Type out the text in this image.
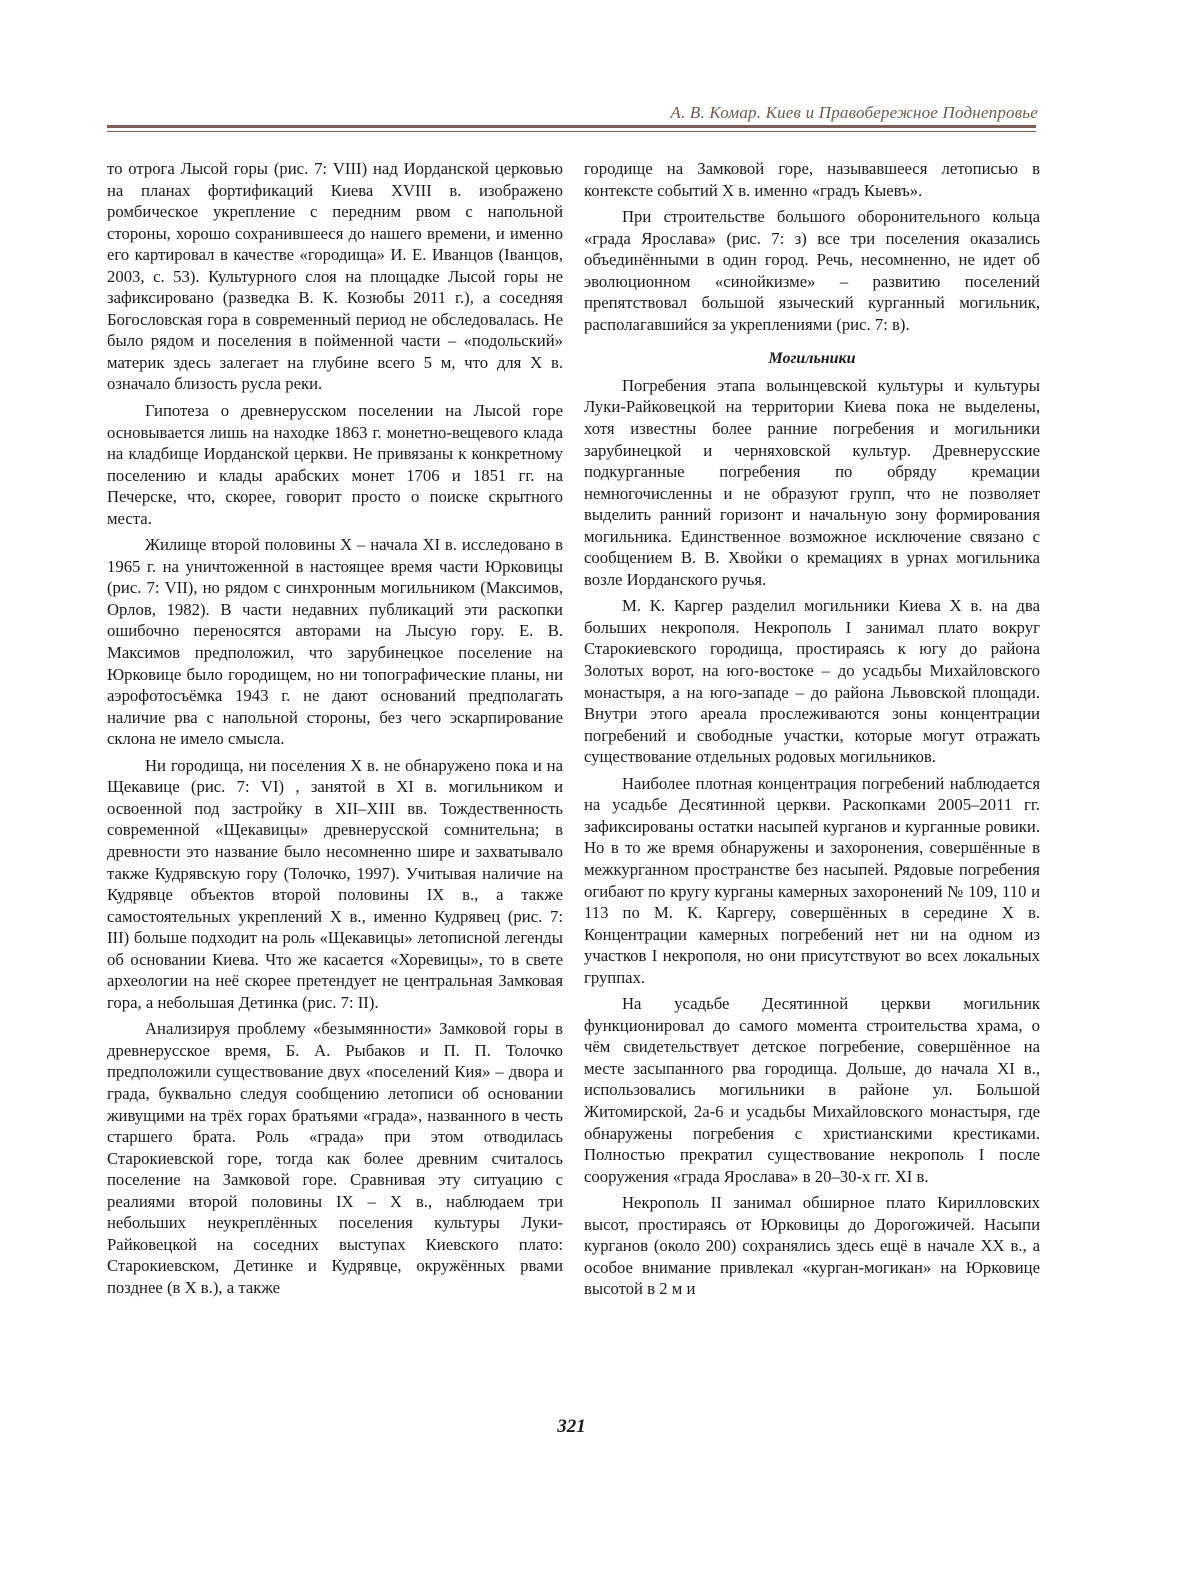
А. В. Комар. Киев и Правобережное Поднепровье

то отрога Лысой горы (рис. 7: VIII) над Иорданской церковью на планах фортификаций Киева XVIII в. изображено ромбическое укрепление с передним рвом с напольной стороны, хорошо сохранившееся до нашего времени, и именно его картировал в качестве «городища» И. Е. Иванцов (Іванцов, 2003, с. 53). Культурного слоя на площадке Лысой горы не зафиксировано (разведка В. К. Козюбы 2011 г.), а соседняя Богословская гора в современный период не обследовалась. Не было рядом и поселения в пойменной части – «подольский» материк здесь залегает на глубине всего 5 м, что для Х в. означало близость русла реки.

Гипотеза о древнерусском поселении на Лысой горе основывается лишь на находке 1863 г. монетно-вещевого клада на кладбище Иорданской церкви. Не привязаны к конкретному поселению и клады арабских монет 1706 и 1851 гг. на Печерске, что, скорее, говорит просто о поиске скрытного места.

Жилище второй половины Х – начала XI в. исследовано в 1965 г. на уничтоженной в настоящее время части Юрковицы (рис. 7: VII), но рядом с синхронным могильником (Максимов, Орлов, 1982). В части недавних публикаций эти раскопки ошибочно переносятся авторами на Лысую гору. Е. В. Максимов предположил, что зарубинецкое поселение на Юрковице было городищем, но ни топографические планы, ни аэрофотосъёмка 1943 г. не дают оснований предполагать наличие рва с напольной стороны, без чего эскарпирование склона не имело смысла.

Ни городища, ни поселения Х в. не обнаружено пока и на Щекавице (рис. 7: VI) , занятой в XI в. могильником и освоенной под застройку в XII–XIII вв. Тождественность современной «Щекавицы» древнерусской сомнительна; в древности это название было несомненно шире и захватывало также Кудрявскую гору (Толочко, 1997). Учитывая наличие на Кудрявце объектов второй половины IX в., а также самостоятельных укреплений Х в., именно Кудрявец (рис. 7: III) больше подходит на роль «Щекавицы» летописной легенды об основании Киева. Что же касается «Хоревицы», то в свете археологии на неё скорее претендует не центральная Замковая гора, а небольшая Детинка (рис. 7: II).

Анализируя проблему «безымянности» Замковой горы в древнерусское время, Б. А. Рыбаков и П. П. Толочко предположили существование двух «поселений Кия» – двора и града, буквально следуя сообщению летописи об основании живущими на трёх горах братьями «града», названного в честь старшего брата. Роль «града» при этом отводилась Старокиевской горе, тогда как более древним считалось поселение на Замковой горе. Сравнивая эту ситуацию с реалиями второй половины IX – X в., наблюдаем три небольших неукреплённых поселения культуры Луки-Райковецкой на соседних выступах Киевского плато: Старокиевском, Детинке и Кудрявце, окружённых рвами позднее (в Х в.), а также

городище на Замковой горе, называвшееся летописью в контексте событий Х в. именно «градъ Кыевъ».

При строительстве большого оборонительного кольца «града Ярослава» (рис. 7: з) все три поселения оказались объединёнными в один город. Речь, несомненно, не идет об эволюционном «синойкизме» – развитию поселений препятствовал большой языческий курганный могильник, располагавшийся за укреплениями (рис. 7: в).

Могильники

Погребения этапа волынцевской культуры и культуры Луки-Райковецкой на территории Киева пока не выделены, хотя известны более ранние погребения и могильники зарубинецкой и черняховской культур. Древнерусские подкурганные погребения по обряду кремации немногочисленны и не образуют групп, что не позволяет выделить ранний горизонт и начальную зону формирования могильника. Единственное возможное исключение связано с сообщением В. В. Хвойки о кремациях в урнах могильника возле Иорданского ручья.

М. К. Каргер разделил могильники Киева Х в. на два больших некрополя. Некрополь I занимал плато вокруг Старокиевского городища, простираясь к югу до района Золотых ворот, на юго-востоке – до усадьбы Михайловского монастыря, а на юго-западе – до района Львовской площади. Внутри этого ареала прослеживаются зоны концентрации погребений и свободные участки, которые могут отражать существование отдельных родовых могильников.

Наиболее плотная концентрация погребений наблюдается на усадьбе Десятинной церкви. Раскопками 2005–2011 гг. зафиксированы остатки насыпей курганов и курганные ровики. Но в то же время обнаружены и захоронения, совершённые в межкурганном пространстве без насыпей. Рядовые погребения огибают по кругу курганы камерных захоронений № 109, 110 и 113 по М. К. Каргеру, совершённых в середине Х в. Концентрации камерных погребений нет ни на одном из участков I некрополя, но они присутствуют во всех локальных группах.

На усадьбе Десятинной церкви могильник функционировал до самого момента строительства храма, о чём свидетельствует детское погребение, совершённое на месте засыпанного рва городища. Дольше, до начала XI в., использовались могильники в районе ул. Большой Житомирской, 2а-6 и усадьбы Михайловского монастыря, где обнаружены погребения с христианскими крестиками. Полностью прекратил существование некрополь I после сооружения «града Ярослава» в 20–30-х гг. XI в.

Некрополь II занимал обширное плато Кирилловских высот, простираясь от Юрковицы до Дорогожичей. Насыпи курганов (около 200) сохранялись здесь ещё в начале ХХ в., а особое внимание привлекал «курган-могикан» на Юрковице высотой в 2 м и

321
